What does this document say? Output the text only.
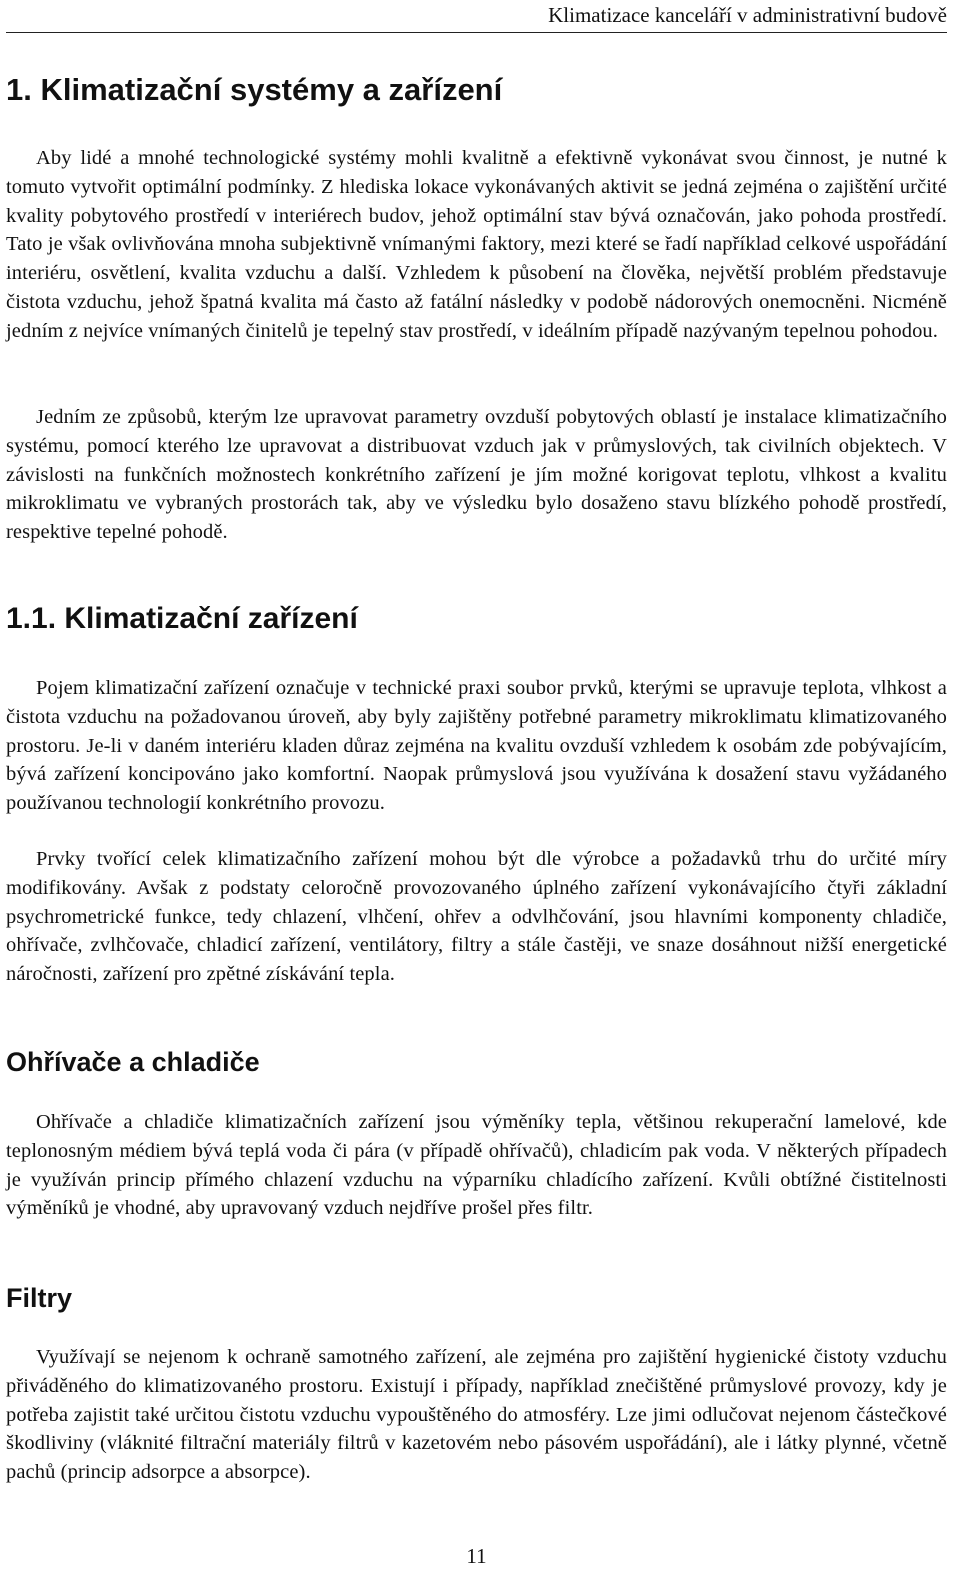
Klimatizace kanceláří v administrativní budově
1. Klimatizační systémy a zařízení

Aby lidé a mnohé technologické systémy mohli kvalitně a efektivně vykonávat svou činnost, je nutné k tomuto vytvořit optimální podmínky. Z hlediska lokace vykonávaných aktivit se jedná zejména o zajištění určité kvality pobytového prostředí v interiérech budov, jehož optimální stav bývá označován, jako pohoda prostředí. Tato je však ovlivňována mnoha subjektivně vnímanými faktory, mezi které se řadí například celkové uspořádání interiéru, osvětlení, kvalita vzduchu a další. Vzhledem k působení na člověka, největší problém představuje čistota vzduchu, jehož špatná kvalita má často až fatální následky v podobě nádorových onemocněni. Nicméně jedním z nejvíce vnímaných činitelů je tepelný stav prostředí, v ideálním případě nazývaným tepelnou pohodou.

Jedním ze způsobů, kterým lze upravovat parametry ovzduší pobytových oblastí je instalace klimatizačního systému, pomocí kterého lze upravovat a distribuovat vzduch jak v průmyslových, tak civilních objektech. V závislosti na funkčních možnostech konkrétního zařízení je jím možné korigovat teplotu, vlhkost a kvalitu mikroklimatu ve vybraných prostorách tak, aby ve výsledku bylo dosaženo stavu blízkého pohodě prostředí, respektive tepelné pohodě.

1.1. Klimatizační zařízení

Pojem klimatizační zařízení označuje v technické praxi soubor prvků, kterými se upravuje teplota, vlhkost a čistota vzduchu na požadovanou úroveň, aby byly zajištěny potřebné parametry mikroklimatu klimatizovaného prostoru. Je-li v daném interiéru kladen důraz zejména na kvalitu ovzduší vzhledem k osobám zde pobývajícím, bývá zařízení koncipováno jako komfortní. Naopak průmyslová jsou využívána k dosažení stavu vyžádaného používanou technologií konkrétního provozu.

Prvky tvořící celek klimatizačního zařízení mohou být dle výrobce a požadavků trhu do určité míry modifikovány. Avšak z podstaty celoročně provozovaného úplného zařízení vykonávajícího čtyři základní psychrometrické funkce, tedy chlazení, vlhčení, ohřev a odvlhčování, jsou hlavními komponenty chladiče, ohřívače, zvlhčovače, chladicí zařízení, ventilátory, filtry a stále častěji, ve snaze dosáhnout nižší energetické náročnosti, zařízení pro zpětné získávání tepla.

Ohřívače a chladiče

Ohřívače a chladiče klimatizačních zařízení jsou výměníky tepla, většinou rekuperační lamelové, kde teplonosným médiem bývá teplá voda či pára (v případě ohřívačů), chladicím pak voda. V některých případech je využíván princip přímého chlazení vzduchu na výparníku chladícího zařízení. Kvůli obtížné čistitelnosti výměníků je vhodné, aby upravovaný vzduch nejdříve prošel přes filtr.

Filtry

Využívají se nejenom k ochraně samotného zařízení, ale zejména pro zajištění hygienické čistoty vzduchu přiváděného do klimatizovaného prostoru. Existují i případy, například znečištěné průmyslové provozy, kdy je potřeba zajistit také určitou čistotu vzduchu vypouštěného do atmosféry. Lze jimi odlučovat nejenom částečkové škodliviny (vláknité filtrační materiály filtrů v kazetovém nebo pásovém uspořádání), ale i látky plynné, včetně pachů (princip adsorpce a absorpce).

11
